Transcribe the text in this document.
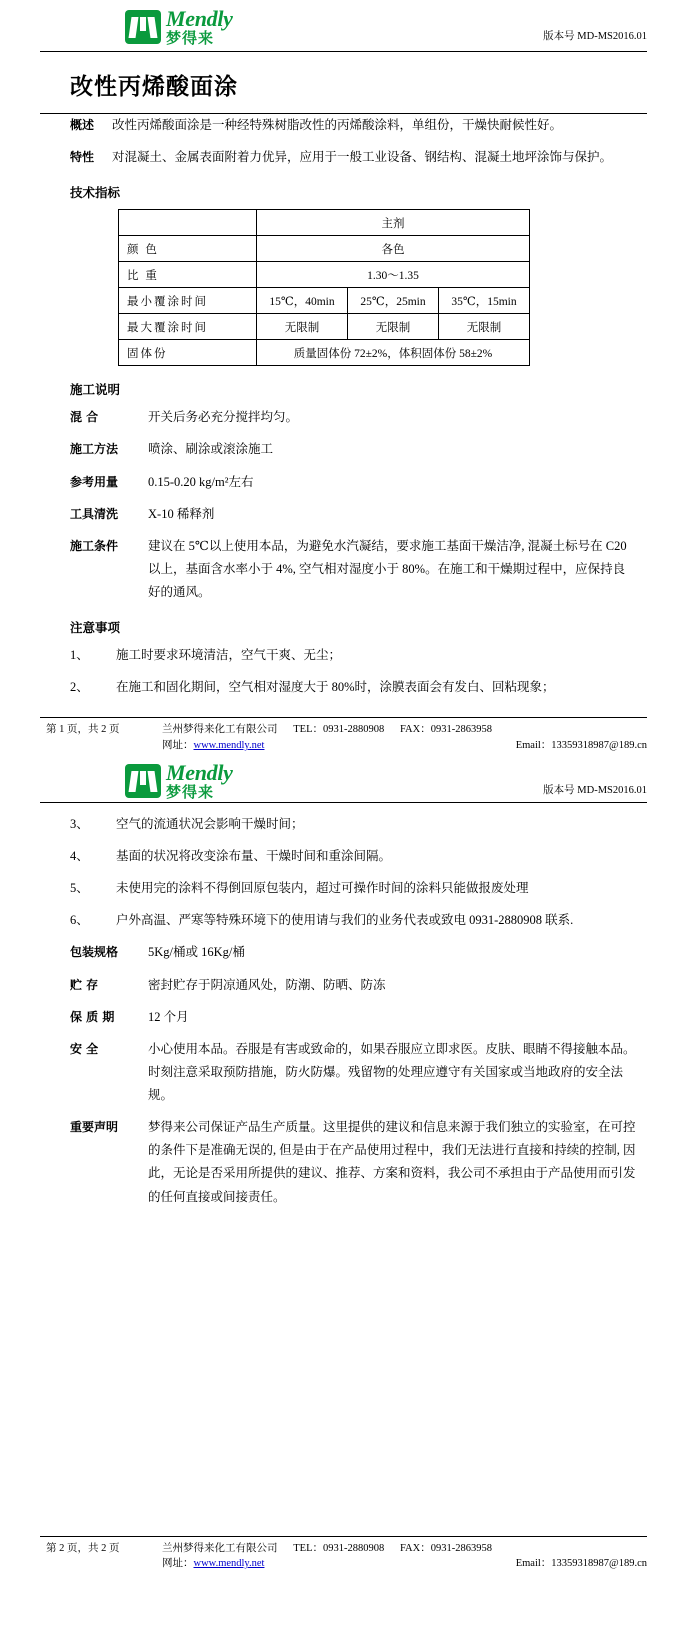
Mendly
梦得来	版本号 MD-MS2016.01
改性丙烯酸面涂
概述	改性丙烯酸面涂是一种经特殊树脂改性的丙烯酸涂料，单组份，干燥快耐候性好。
特性	对混凝土、金属表面附着力优异，应用于一般工业设备、钢结构、混凝土地坪涂饰与保护。
技术指标
	主剂		
颜 色	各色		
比 重	1.30～1.35		
最小覆涂时间	15℃，40min	25℃，25min	35℃，15min
最大覆涂时间	无限制	无限制	无限制
固体份	质量固体份 72±2%，体积固体份 58±2%		
施工说明
混 合	开关后务必充分搅拌均匀。
施工方法	喷涂、刷涂或滚涂施工
参考用量	0.15-0.20 kg/m²左右
工具清洗	X-10 稀释剂
施工条件	建议在 5℃以上使用本品，为避免水汽凝结，要求施工基面干燥洁净, 混凝土标号在 C20 以上，基面含水率小于 4%, 空气相对湿度小于 80%。在施工和干燥期过程中，应保持良好的通风。
注意事项
1、	施工时要求环境清洁，空气干爽、无尘；
2、	在施工和固化期间，空气相对湿度大于 80%时，涂膜表面会有发白、回粘现象；
第 1 页，共 2 页	兰州梦得来化工有限公司 TEL：0931-2880908 FAX：0931-2863958
网址：www.mendly.net	Email：13359318987@189.cn
Mendly
梦得来	版本号 MD-MS2016.01
3、	空气的流通状况会影响干燥时间；
4、	基面的状况将改变涂布量、干燥时间和重涂间隔。
5、	未使用完的涂料不得倒回原包装内，超过可操作时间的涂料只能做报废处理
6、	户外高温、严寒等特殊环境下的使用请与我们的业务代表或致电 0931-2880908 联系.
包装规格	5Kg/桶或 16Kg/桶
贮 存	密封贮存于阴凉通风处，防潮、防晒、防冻
保 质 期	12 个月
安 全	小心使用本品。吞服是有害或致命的，如果吞服应立即求医。皮肤、眼睛不得接触本品。时刻注意采取预防措施，防火防爆。残留物的处理应遵守有关国家或当地政府的安全法规。
重要声明	梦得来公司保证产品生产质量。这里提供的建议和信息来源于我们独立的实验室，在可控的条件下是准确无误的, 但是由于在产品使用过程中，我们无法进行直接和持续的控制, 因此，无论是否采用所提供的建议、推荐、方案和资料，我公司不承担由于产品使用而引发的任何直接或间接责任。
第 2 页，共 2 页	兰州梦得来化工有限公司 TEL：0931-2880908 FAX：0931-2863958
网址：www.mendly.net	Email：13359318987@189.cn
